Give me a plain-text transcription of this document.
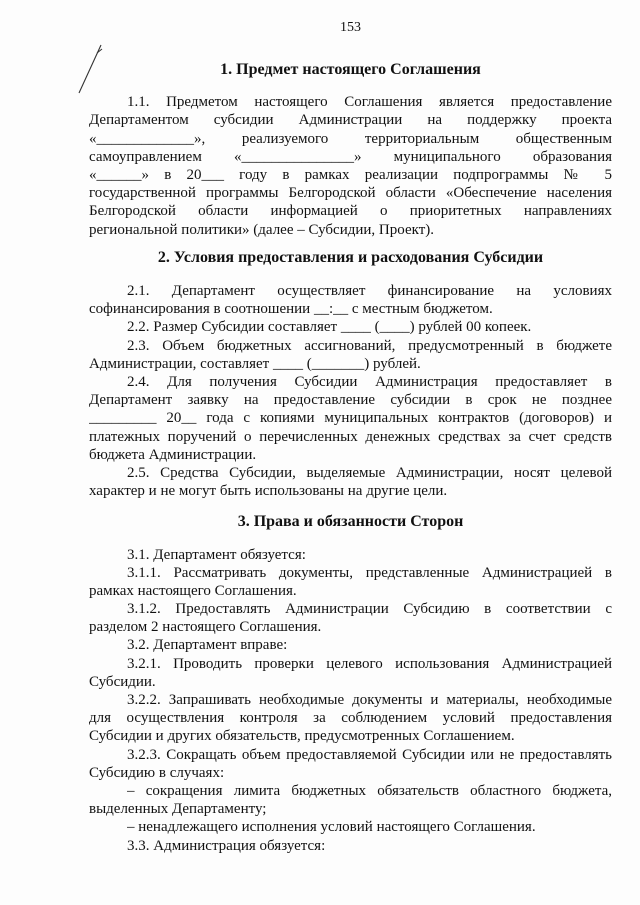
153
1. Предмет настоящего Соглашения
1.1. Предметом настоящего Соглашения является предоставление
Департаментом субсидии Администрации на поддержку проекта
«_____________», реализуемого территориальным общественным
самоуправлением «_______________» муниципального образования
«______» в 20___ году в рамках реализации подпрограммы № 5
государственной программы Белгородской области «Обеспечение населения
Белгородской области информацией о приоритетных направлениях
региональной политики» (далее – Субсидии, Проект).
2. Условия предоставления и расходования Субсидии
2.1. Департамент осуществляет финансирование на условиях
софинансирования в соотношении __:__ с местным бюджетом.
2.2. Размер Субсидии составляет ____ (____) рублей 00 копеек.
2.3. Объем бюджетных ассигнований, предусмотренный в бюджете
Администрации, составляет ____ (_______) рублей.
2.4. Для получения Субсидии Администрация предоставляет в
Департамент заявку на предоставление субсидии в срок не позднее
_________ 20__ года с копиями муниципальных контрактов (договоров) и
платежных поручений о перечисленных денежных средствах за счет средств
бюджета Администрации.
2.5. Средства Субсидии, выделяемые Администрации, носят целевой
характер и не могут быть использованы на другие цели.
3. Права и обязанности Сторон
3.1. Департамент обязуется:
3.1.1. Рассматривать документы, представленные Администрацией в
рамках настоящего Соглашения.
3.1.2. Предоставлять Администрации Субсидию в соответствии с
разделом 2 настоящего Соглашения.
3.2. Департамент вправе:
3.2.1. Проводить проверки целевого использования Администрацией
Субсидии.
3.2.2. Запрашивать необходимые документы и материалы, необходимые
для осуществления контроля за соблюдением условий предоставления
Субсидии и других обязательств, предусмотренных Соглашением.
3.2.3. Сокращать объем предоставляемой Субсидии или не предоставлять
Субсидию в случаях:
– сокращения лимита бюджетных обязательств областного бюджета,
выделенных Департаменту;
– ненадлежащего исполнения условий настоящего Соглашения.
3.3. Администрация обязуется:
